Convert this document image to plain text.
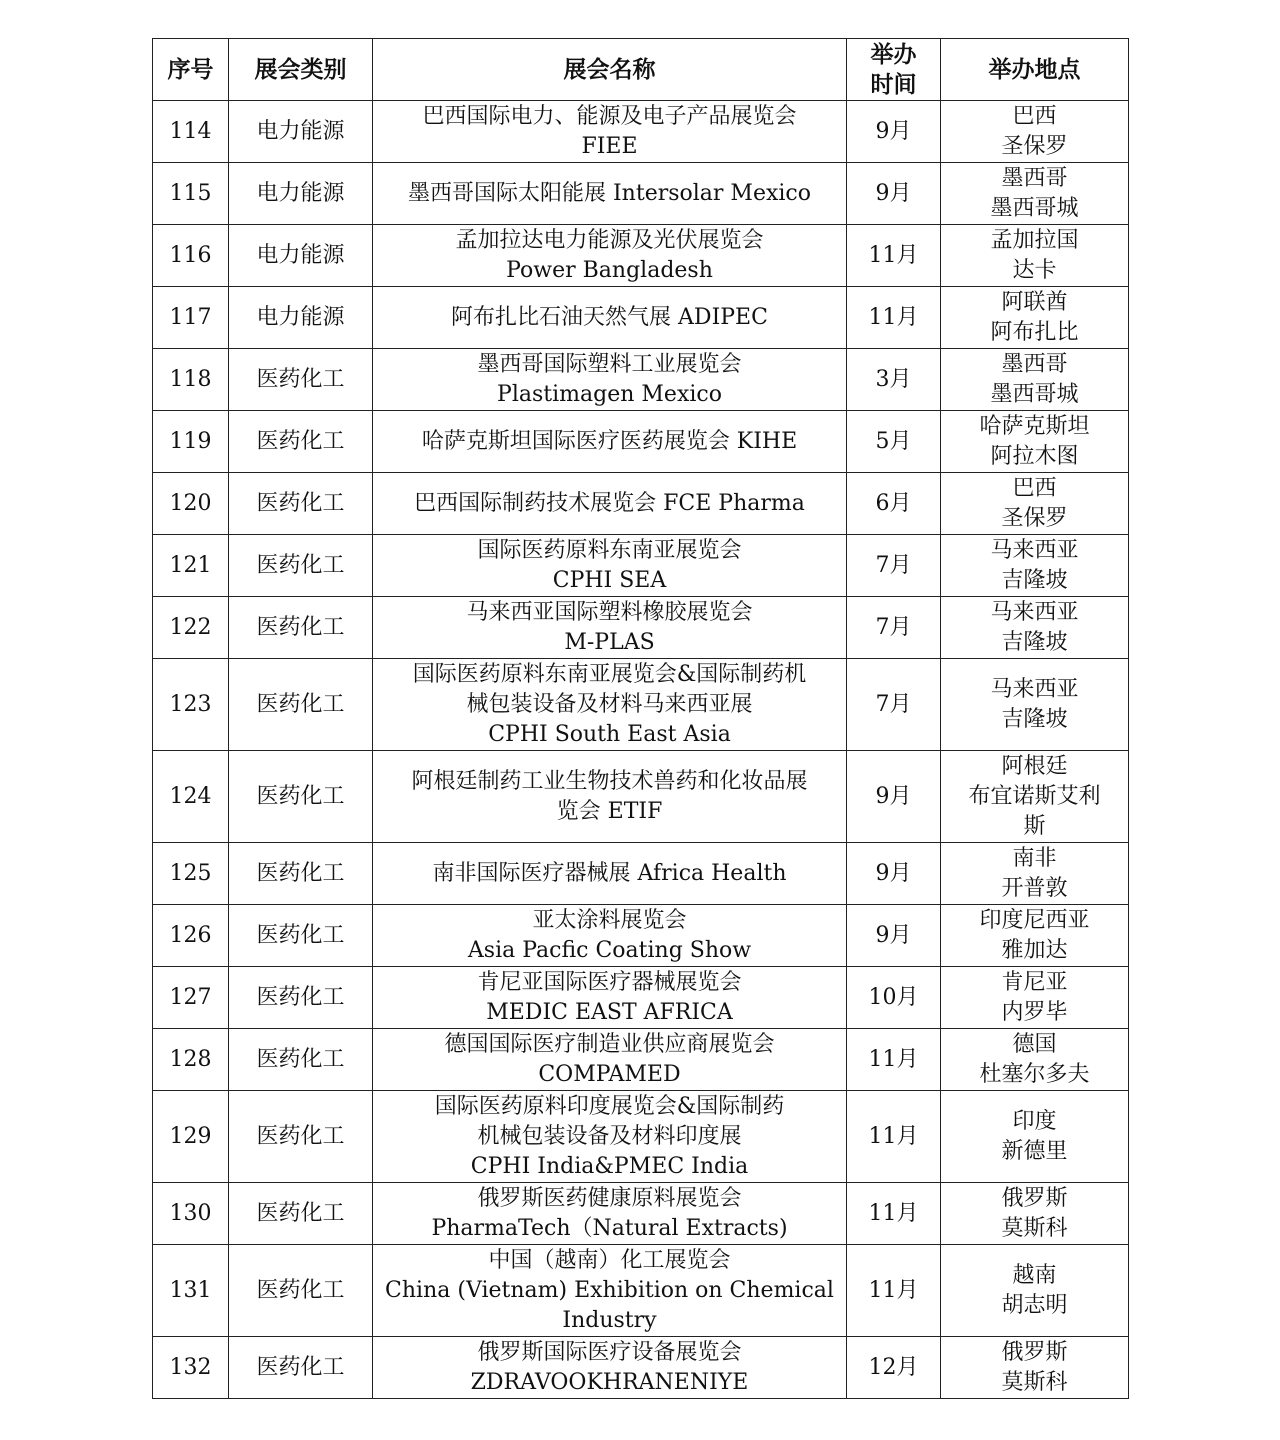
序号	展会类别	展会名称	举办
时间	举办地点
114	电力能源	巴西国际电力、能源及电子产品展览会
FIEE	9月	巴西
圣保罗

115	电力能源	墨西哥国际太阳能展 Intersolar Mexico	9月	墨西哥
墨西哥城

116	电力能源	孟加拉达电力能源及光伏展览会
Power Bangladesh	11月	孟加拉国
达卡

117	电力能源	阿布扎比石油天然气展 ADIPEC	11月	阿联酋
阿布扎比

118	医药化工	墨西哥国际塑料工业展览会
Plastimagen Mexico	3月	墨西哥
墨西哥城

119	医药化工	哈萨克斯坦国际医疗医药展览会 KIHE	5月	哈萨克斯坦
阿拉木图

120	医药化工	巴西国际制药技术展览会 FCE Pharma	6月	巴西
圣保罗

121	医药化工	国际医药原料东南亚展览会
CPHI SEA	7月	马来西亚
吉隆坡

122	医药化工	马来西亚国际塑料橡胶展览会
M-PLAS	7月	马来西亚
吉隆坡

123	医药化工	国际医药原料东南亚展览会&国际制药机
械包装设备及材料马来西亚展
CPHI South East Asia	7月	马来西亚
吉隆坡

124	医药化工	阿根廷制药工业生物技术兽药和化妆品展
览会 ETIF	9月	阿根廷
布宜诺斯艾利
斯

125	医药化工	南非国际医疗器械展 Africa Health	9月	南非
开普敦

126	医药化工	亚太涂料展览会
Asia Pacfic Coating Show	9月	印度尼西亚
雅加达

127	医药化工	肯尼亚国际医疗器械展览会
MEDIC EAST AFRICA	10月	肯尼亚
内罗毕

128	医药化工	德国国际医疗制造业供应商展览会
COMPAMED	11月	德国
杜塞尔多夫

129	医药化工	国际医药原料印度展览会&国际制药
机械包装设备及材料印度展
CPHI India&PMEC India	11月	印度
新德里

130	医药化工	俄罗斯医药健康原料展览会
PharmaTech（Natural Extracts)	11月	俄罗斯
莫斯科

131	医药化工	中国（越南）化工展览会
China (Vietnam) Exhibition on Chemical
Industry	11月	越南
胡志明

132	医药化工	俄罗斯国际医疗设备展览会
ZDRAVOOKHRANENIYE	12月	俄罗斯
莫斯科
